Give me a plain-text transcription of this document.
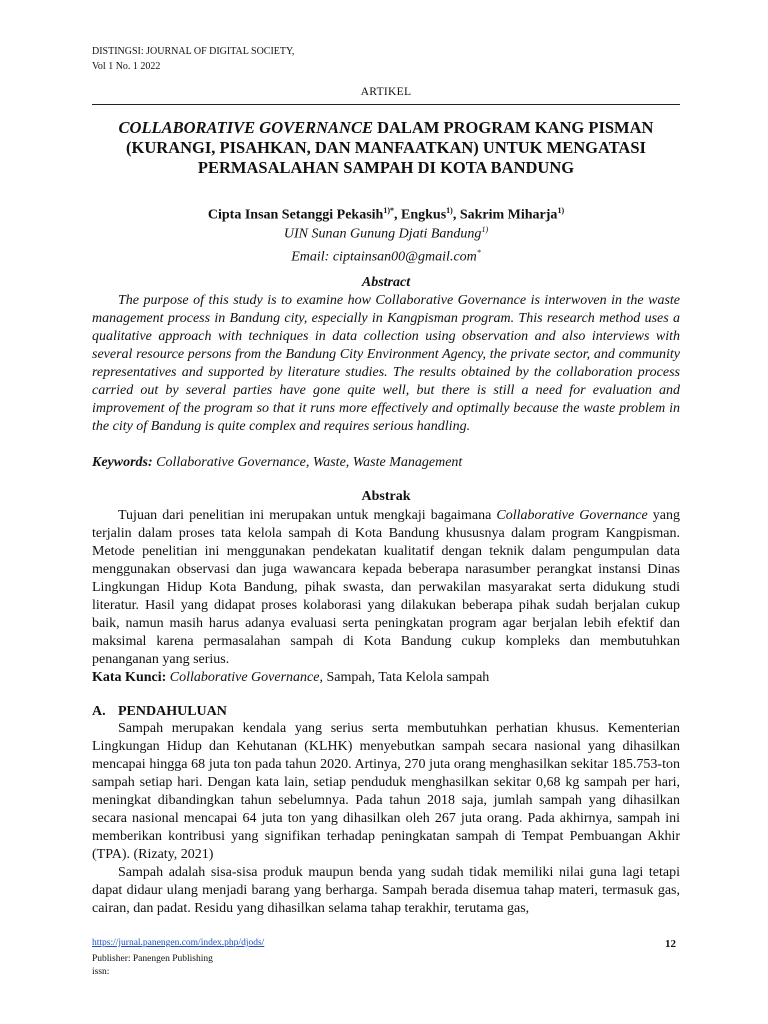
DISTINGSI: JOURNAL OF DIGITAL SOCIETY,
Vol 1 No. 1 2022
ARTIKEL
COLLABORATIVE GOVERNANCE DALAM PROGRAM KANG PISMAN
(KURANGI, PISAHKAN, DAN MANFAATKAN) UNTUK MENGATASI
PERMASALAHAN SAMPAH DI KOTA BANDUNG
Cipta Insan Setanggi Pekasih$^{1)*}$, Engkus$^{1)}$, Sakrim Miharja$^{1)}$
UIN Sunan Gunung Djati Bandung$^{1)}$
Email: ciptainsan00@gmail.com*
Abstract

The purpose of this study is to examine how Collaborative Governance is interwoven in the waste management process in Bandung city, especially in Kangpisman program. This research method uses a qualitative approach with techniques in data collection using observation and also interviews with several resource persons from the Bandung City Environment Agency, the private sector, and community representatives and supported by literature studies. The results obtained by the collaboration process carried out by several parties have gone quite well, but there is still a need for evaluation and improvement of the program so that it runs more effectively and optimally because the waste problem in the city of Bandung is quite complex and requires serious handling.

Keywords: Collaborative Governance, Waste, Waste Management
Abstrak

Tujuan dari penelitian ini merupakan untuk mengkaji bagaimana Collaborative Governance yang terjalin dalam proses tata kelola sampah di Kota Bandung khususnya dalam program Kangpisman. Metode penelitian ini menggunakan pendekatan kualitatif dengan teknik dalam pengumpulan data menggunakan observasi dan juga wawancara kepada beberapa narasumber perangkat instansi Dinas Lingkungan Hidup Kota Bandung, pihak swasta, dan perwakilan masyarakat serta didukung studi literatur. Hasil yang didapat proses kolaborasi yang dilakukan beberapa pihak sudah berjalan cukup baik, namun masih harus adanya evaluasi serta peningkatan program agar berjalan lebih efektif dan maksimal karena permasalahan sampah di Kota Bandung cukup kompleks dan membutuhkan penanganan yang serius.

Kata Kunci: Collaborative Governance, Sampah, Tata Kelola sampah
A. PENDAHULUAN

Sampah merupakan kendala yang serius serta membutuhkan perhatian khusus. Kementerian Lingkungan Hidup dan Kehutanan (KLHK) menyebutkan sampah secara nasional yang dihasilkan mencapai hingga 68 juta ton pada tahun 2020. Artinya, 270 juta orang menghasilkan sekitar 185.753-ton sampah setiap hari. Dengan kata lain, setiap penduduk menghasilkan sekitar 0,68 kg sampah per hari, meningkat dibandingkan tahun sebelumnya. Pada tahun 2018 saja, jumlah sampah yang dihasilkan secara nasional mencapai 64 juta ton yang dihasilkan oleh 267 juta orang. Pada akhirnya, sampah ini memberikan kontribusi yang signifikan terhadap peningkatan sampah di Tempat Pembuangan Akhir (TPA). (Rizaty, 2021)

Sampah adalah sisa-sisa produk maupun benda yang sudah tidak memiliki nilai guna lagi tetapi dapat didaur ulang menjadi barang yang berharga. Sampah berada disemua tahap materi, termasuk gas, cairan, dan padat. Residu yang dihasilkan selama tahap terakhir, terutama gas,

https://jurnal.panengen.com/index.php/djods/	12
Publisher: Panengen Publishing
issn:
